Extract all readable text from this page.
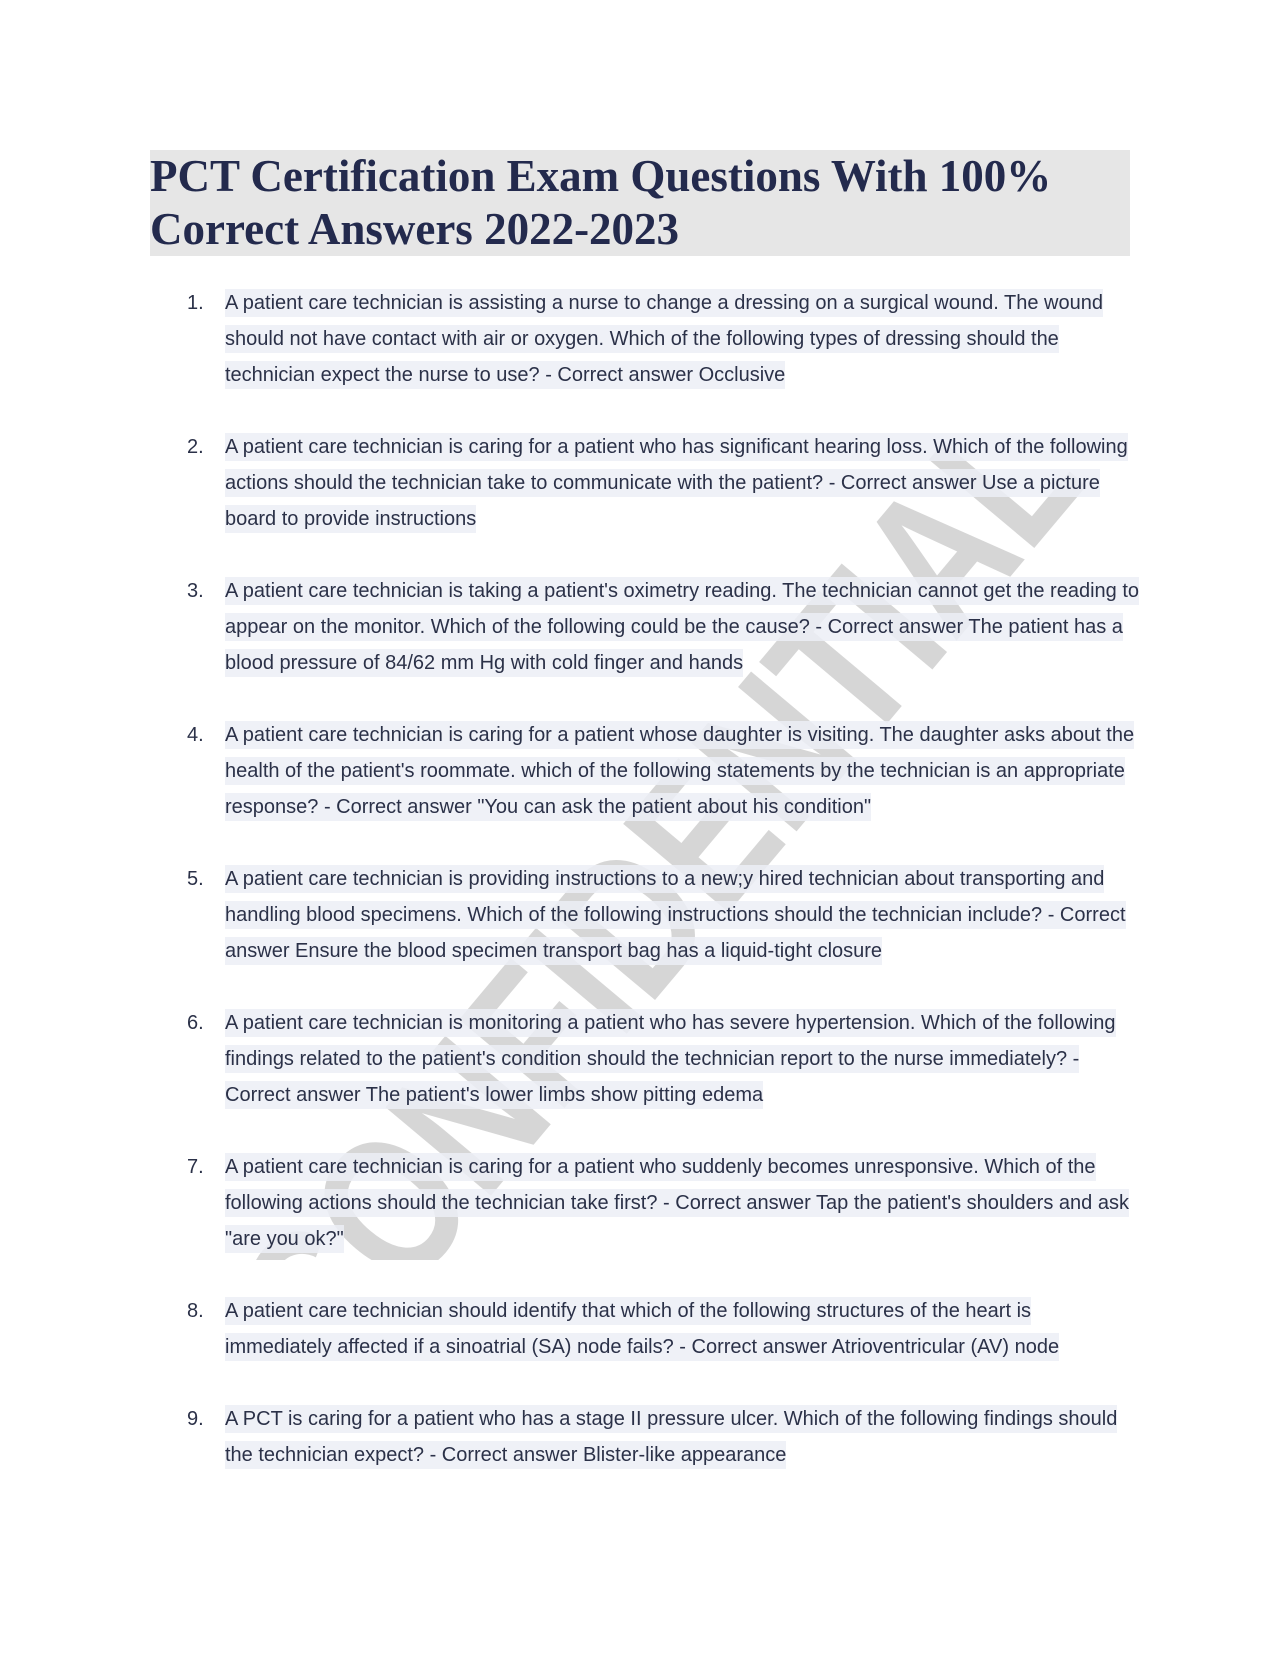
PCT Certification Exam Questions With 100% Correct Answers 2022-2023
1. A patient care technician is assisting a nurse to change a dressing on a surgical wound. The wound should not have contact with air or oxygen. Which of the following types of dressing should the technician expect the nurse to use? - Correct answer Occlusive
2. A patient care technician is caring for a patient who has significant hearing loss. Which of the following actions should the technician take to communicate with the patient? - Correct answer Use a picture board to provide instructions
3. A patient care technician is taking a patient's oximetry reading. The technician cannot get the reading to appear on the monitor. Which of the following could be the cause? - Correct answer The patient has a blood pressure of 84/62 mm Hg with cold finger and hands
4. A patient care technician is caring for a patient whose daughter is visiting. The daughter asks about the health of the patient's roommate. which of the following statements by the technician is an appropriate response? - Correct answer "You can ask the patient about his condition"
5. A patient care technician is providing instructions to a new;y hired technician about transporting and handling blood specimens. Which of the following instructions should the technician include? - Correct answer Ensure the blood specimen transport bag has a liquid-tight closure
6. A patient care technician is monitoring a patient who has severe hypertension. Which of the following findings related to the patient's condition should the technician report to the nurse immediately? - Correct answer The patient's lower limbs show pitting edema
7. A patient care technician is caring for a patient who suddenly becomes unresponsive. Which of the following actions should the technician take first? - Correct answer Tap the patient's shoulders and ask "are you ok?"
8. A patient care technician should identify that which of the following structures of the heart is immediately affected if a sinoatrial (SA) node fails? - Correct answer Atrioventricular (AV) node
9. A PCT is caring for a patient who has a stage II pressure ulcer. Which of the following findings should the technician expect? - Correct answer Blister-like appearance
